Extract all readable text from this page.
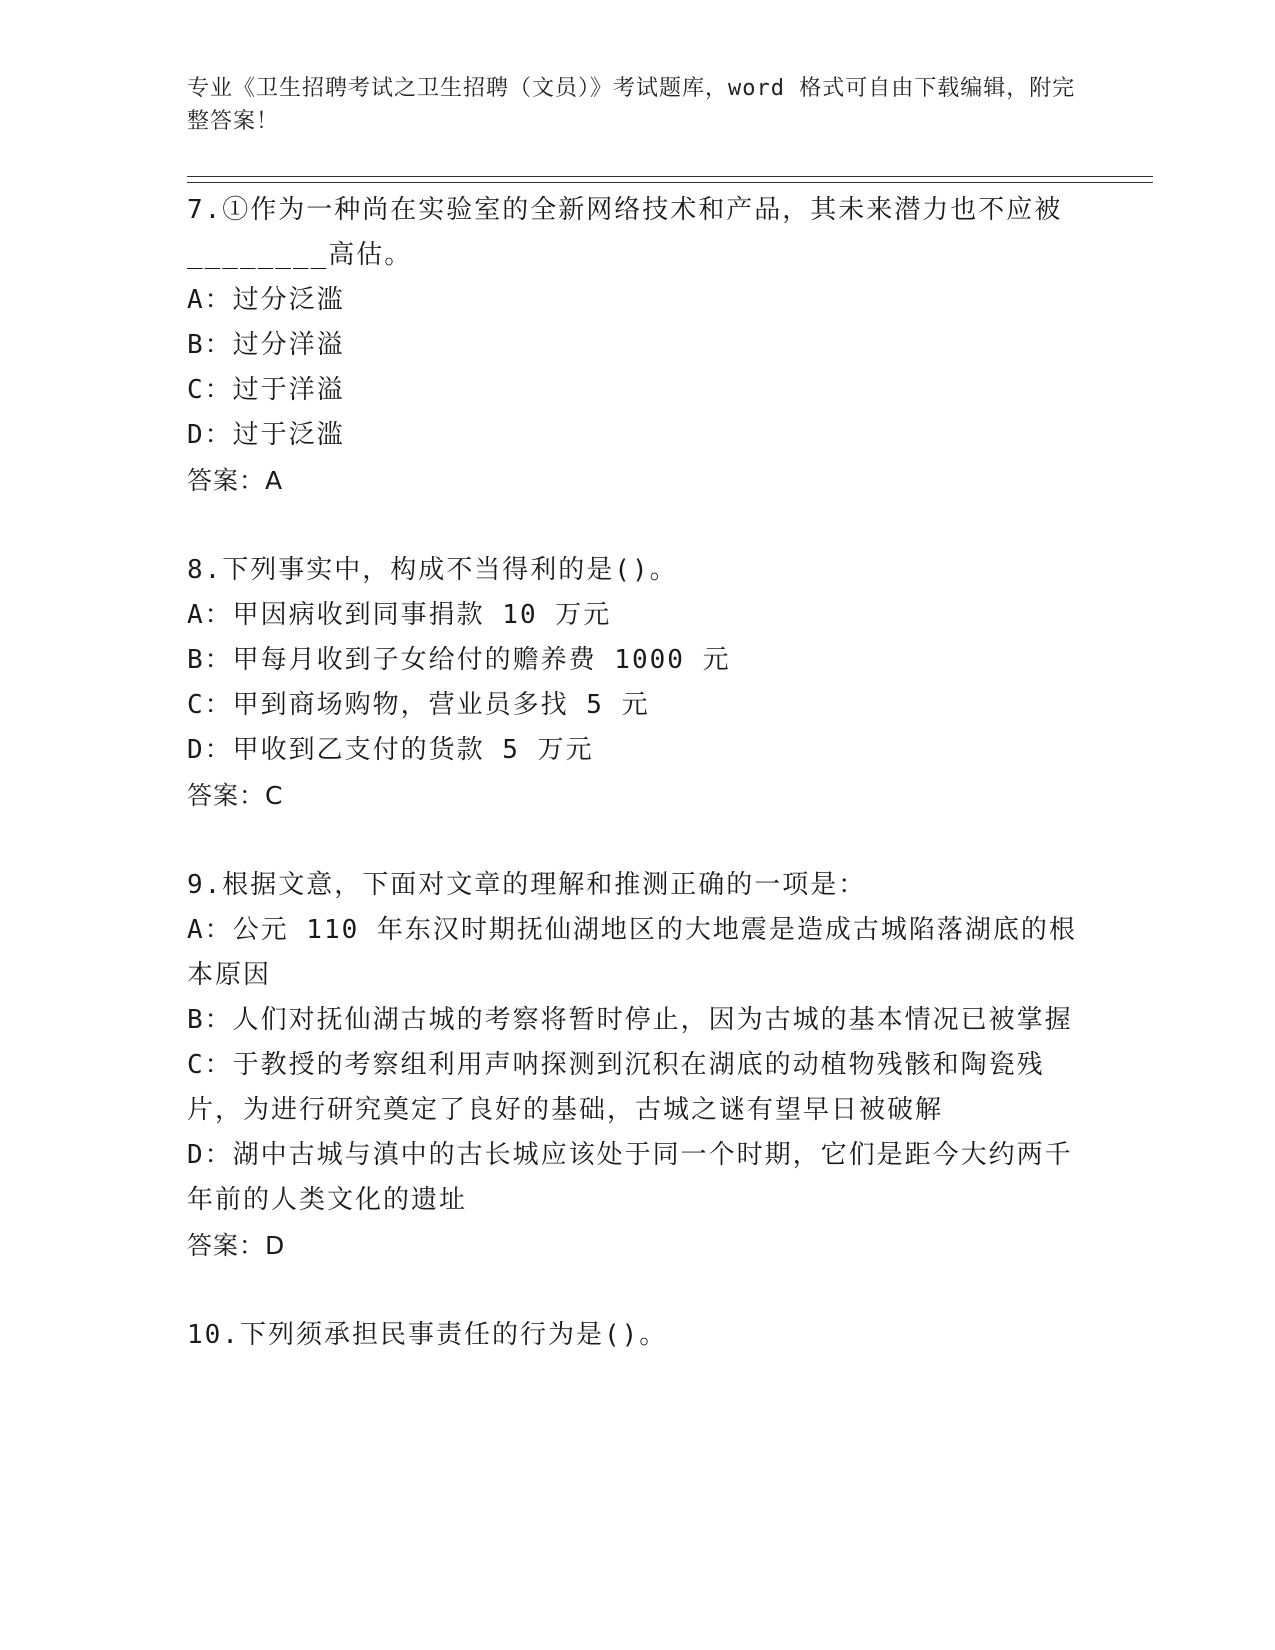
专业《卫生招聘考试之卫生招聘（文员）》考试题库，word 格式可自由下载编辑，附完整答案！
7.①作为一种尚在实验室的全新网络技术和产品，其未来潜力也不应被________高估。
A：过分泛滥
B：过分洋溢
C：过于洋溢
D：过于泛滥
答案：A
8.下列事实中，构成不当得利的是()。
A：甲因病收到同事捐款 10 万元
B：甲每月收到子女给付的赡养费 1000 元
C：甲到商场购物，营业员多找 5 元
D：甲收到乙支付的货款 5 万元
答案：C
9.根据文意，下面对文章的理解和推测正确的一项是：
A：公元 110 年东汉时期抚仙湖地区的大地震是造成古城陷落湖底的根本原因
B：人们对抚仙湖古城的考察将暂时停止，因为古城的基本情况已被掌握
C：于教授的考察组利用声呐探测到沉积在湖底的动植物残骸和陶瓷残片，为进行研究奠定了良好的基础，古城之谜有望早日被破解
D：湖中古城与滇中的古长城应该处于同一个时期，它们是距今大约两千年前的人类文化的遗址
答案：D
10.下列须承担民事责任的行为是()。
